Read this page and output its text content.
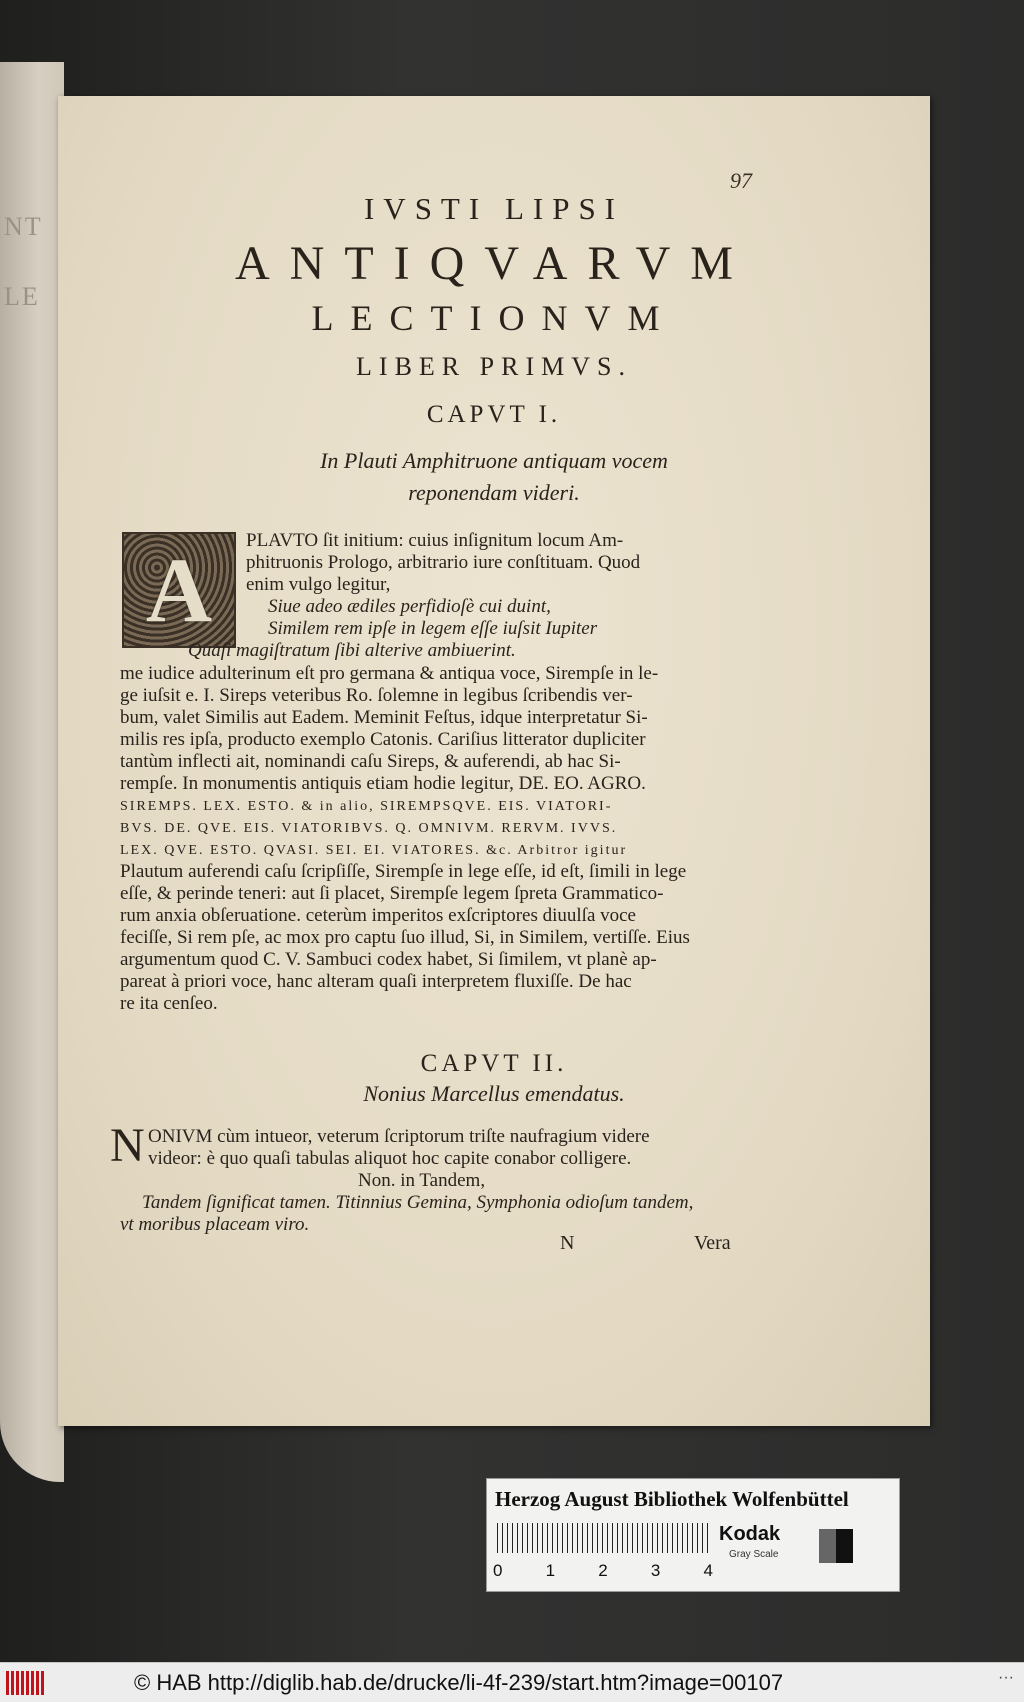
NT
LE
97
IVSTI LIPSI
ANTIQVARVM
LECTIONVM
LIBER PRIMVS.
CAPVT I.
In Plauti Amphitruone antiquam vocem
reponendam videri.
A PLAVTO ſit initium: cuius inſignitum locum Am-
phitruonis Prologo, arbitrario iure conſtituam. Quod
enim vulgo legitur,
Siue adeo ædiles perfidioſè cui duint,
Similem rem ipſe in legem eſſe iuſsit Iupiter
Quaſi magiſtratum ſibi alterive ambiuerint.
me iudice adulterinum eſt pro germana & antiqua voce, Sirempſe in le-
ge iuſsit e. I. Sireps veteribus Ro. ſolemne in legibus ſcribendis ver-
bum, valet Similis aut Eadem. Meminit Feſtus, idque interpretatur Si-
milis res ipſa, producto exemplo Catonis. Cariſius litterator dupliciter
tantùm inflecti ait, nominandi caſu Sireps, & auferendi, ab hac Si-
rempſe. In monumentis antiquis etiam hodie legitur, DE. EO. AGRO.
SIREMPS. LEX. ESTO. & in alio, SIREMPSQVE. EIS. VIATORI-
BVS. DE. QVE. EIS. VIATORIBVS. Q. OMNIVM. RERVM. IVVS.
LEX. QVE. ESTO. QVASI. SEI. EI. VIATORES. &c. Arbitror igitur
Plautum auferendi caſu ſcripſiſſe, Sirempſe in lege eſſe, id eſt, ſimili in lege
eſſe, & perinde teneri: aut ſi placet, Sirempſe legem ſpreta Grammatico-
rum anxia obſeruatione. ceterùm imperitos exſcriptores diuulſa voce
feciſſe, Si rem pſe, ac mox pro captu ſuo illud, Si, in Similem, vertiſſe. Eius
argumentum quod C. V. Sambuci codex habet, Si ſimilem, vt planè ap-
pareat à priori voce, hanc alteram quaſi interpretem fluxiſſe. De hac
re ita cenſeo.
CAPVT II.
Nonius Marcellus emendatus.
N ONIVM cùm intueor, veterum ſcriptorum triſte naufragium videre
videor: è quo quaſi tabulas aliquot hoc capite conabor colligere.
Non. in Tandem,
Tandem ſignificat tamen. Titinnius Gemina, Symphonia odioſum tandem,
vt moribus placeam viro.
N	Vera
Herzog August Bibliothek Wolfenbüttel
0	1	2	3	4
Kodak
Gray Scale
© HAB http://diglib.hab.de/drucke/li-4f-239/start.htm?image=00107	···
